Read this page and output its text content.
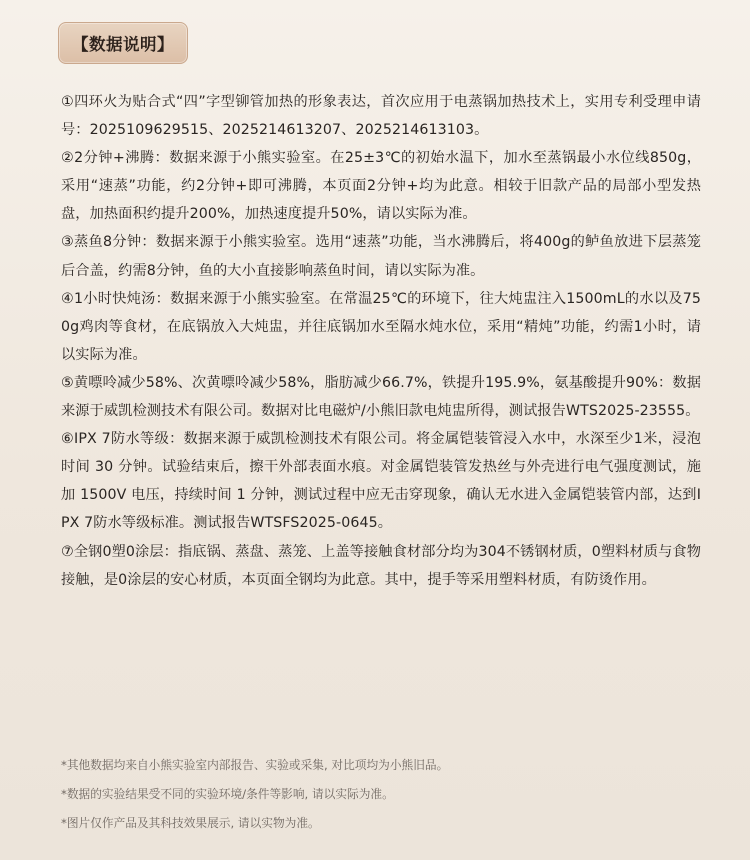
【数据说明】

①四环火为贴合式“四”字型铆管加热的形象表达，首次应用于电蒸锅加热技术上，实用专利受理申请号：2025109629515、2025214613207、2025214613103。

②2分钟+沸腾：数据来源于小熊实验室。在25±3℃的初始水温下，加水至蒸锅最小水位线850g，采用“速蒸”功能，约2分钟+即可沸腾，本页面2分钟+均为此意。相较于旧款产品的局部小型发热盘，加热面积约提升200%，加热速度提升50%，请以实际为准。

③蒸鱼8分钟：数据来源于小熊实验室。选用“速蒸”功能，当水沸腾后，将400g的鲈鱼放进下层蒸笼后合盖，约需8分钟，鱼的大小直接影响蒸鱼时间，请以实际为准。

④1小时快炖汤：数据来源于小熊实验室。在常温25℃的环境下，往大炖盅注入1500mL的水以及750g鸡肉等食材，在底锅放入大炖盅，并往底锅加水至隔水炖水位，采用“精炖”功能，约需1小时，请以实际为准。

⑤黄嘌呤减少58%、次黄嘌呤减少58%，脂肪减少66.7%，铁提升195.9%，氨基酸提升90%：数据来源于威凯检测技术有限公司。数据对比电磁炉/小熊旧款电炖盅所得，测试报告WTS2025-23555。

⑥IPX 7防水等级：数据来源于威凯检测技术有限公司。将金属铠装管浸入水中，水深至少1米，浸泡时间 30 分钟。试验结束后，擦干外部表面水痕。对金属铠装管发热丝与外壳进行电气强度测试，施加 1500V 电压，持续时间 1 分钟，测试过程中应无击穿现象，确认无水进入金属铠装管内部，达到IPX 7防水等级标准。测试报告WTSFS2025-0645。

⑦全钢0塑0涂层：指底锅、蒸盘、蒸笼、上盖等接触食材部分均为304不锈钢材质，0塑料材质与食物接触，是0涂层的安心材质，本页面全钢均为此意。其中，提手等采用塑料材质，有防烫作用。

*其他数据均来自小熊实验室内部报告、实验或采集, 对比项均为小熊旧品。

*数据的实验结果受不同的实验环境/条件等影响, 请以实际为准。

*图片仅作产品及其科技效果展示, 请以实物为准。
